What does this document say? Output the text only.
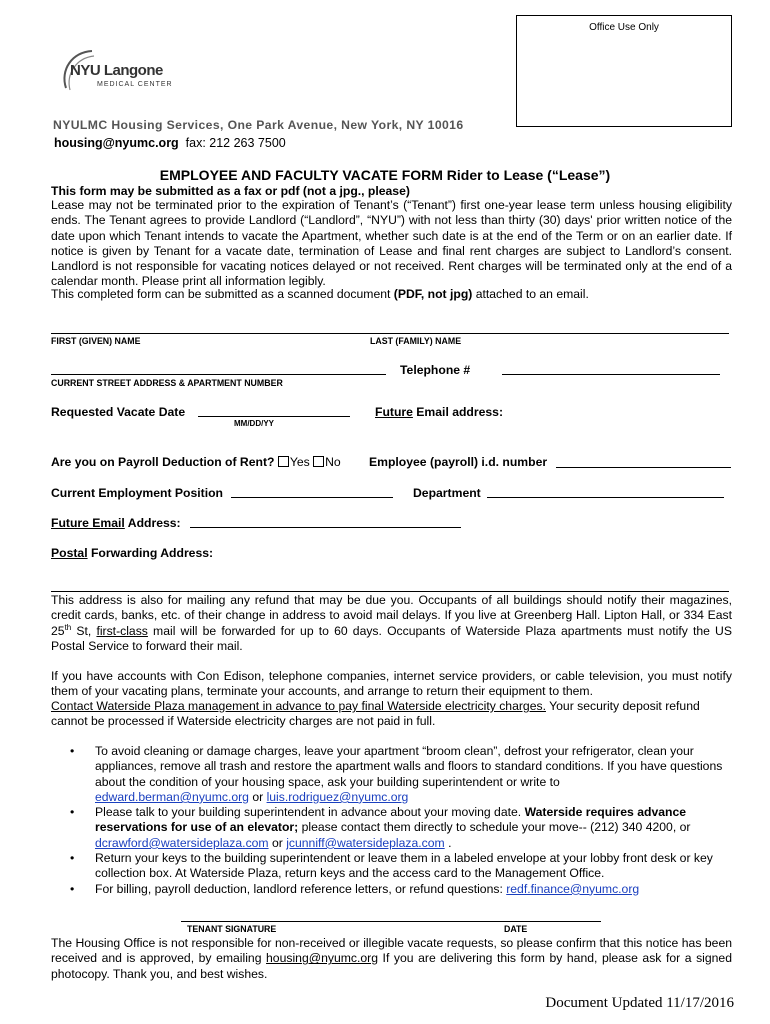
Office Use Only
NYU Langone
MEDICAL CENTER
NYULMC Housing Services, One Park Avenue, New York, NY 10016
housing@nyumc.org fax: 212 263 7500
EMPLOYEE AND FACULTY VACATE FORM Rider to Lease (“Lease”)
This form may be submitted as a fax or pdf (not a jpg., please)
Lease may not be terminated prior to the expiration of Tenant’s (“Tenant”) first one-year lease term unless housing eligibility ends. The Tenant agrees to provide Landlord (“Landlord”, “NYU”) with not less than thirty (30) days' prior written notice of the date upon which Tenant intends to vacate the Apartment, whether such date is at the end of the Term or on an earlier date. If notice is given by Tenant for a vacate date, termination of Lease and final rent charges are subject to Landlord’s consent. Landlord is not responsible for vacating notices delayed or not received. Rent charges will be terminated only at the end of a calendar month. Please print all information legibly.
This completed form can be submitted as a scanned document (PDF, not jpg) attached to an email.
FIRST (GIVEN) NAME	LAST (FAMILY) NAME
Telephone #
CURRENT STREET ADDRESS & APARTMENT NUMBER
Requested Vacate Date
MM/DD/YY
Future Email address:
Are you on Payroll Deduction of Rent? Yes No Employee (payroll) i.d. number
Current Employment Position	Department
Future Email Address:
Postal Forwarding Address:
This address is also for mailing any refund that may be due you. Occupants of all buildings should notify their magazines, credit cards, banks, etc. of their change in address to avoid mail delays. If you live at Greenberg Hall. Lipton Hall, or 334 East 25th St, first-class mail will be forwarded for up to 60 days. Occupants of Waterside Plaza apartments must notify the US Postal Service to forward their mail.
If you have accounts with Con Edison, telephone companies, internet service providers, or cable television, you must notify them of your vacating plans, terminate your accounts, and arrange to return their equipment to them.
Contact Waterside Plaza management in advance to pay final Waterside electricity charges. Your security deposit refund cannot be processed if Waterside electricity charges are not paid in full.
• To avoid cleaning or damage charges, leave your apartment “broom clean”, defrost your refrigerator, clean your appliances, remove all trash and restore the apartment walls and floors to standard conditions. If you have questions about the condition of your housing space, ask your building superintendent or write to
edward.berman@nyumc.org or luis.rodriguez@nyumc.org
• Please talk to your building superintendent in advance about your moving date. Waterside requires advance reservations for use of an elevator; please contact them directly to schedule your move-- (212) 340 4200, or
dcrawford@watersideplaza.com or jcunniff@watersideplaza.com .
• Return your keys to the building superintendent or leave them in a labeled envelope at your lobby front desk or key collection box. At Waterside Plaza, return keys and the access card to the Management Office.
• For billing, payroll deduction, landlord reference letters, or refund questions: redf.finance@nyumc.org
TENANT SIGNATURE	DATE
The Housing Office is not responsible for non-received or illegible vacate requests, so please confirm that this notice has been received and is approved, by emailing housing@nyumc.org If you are delivering this form by hand, please ask for a signed photocopy. Thank you, and best wishes.
Document Updated 11/17/2016
